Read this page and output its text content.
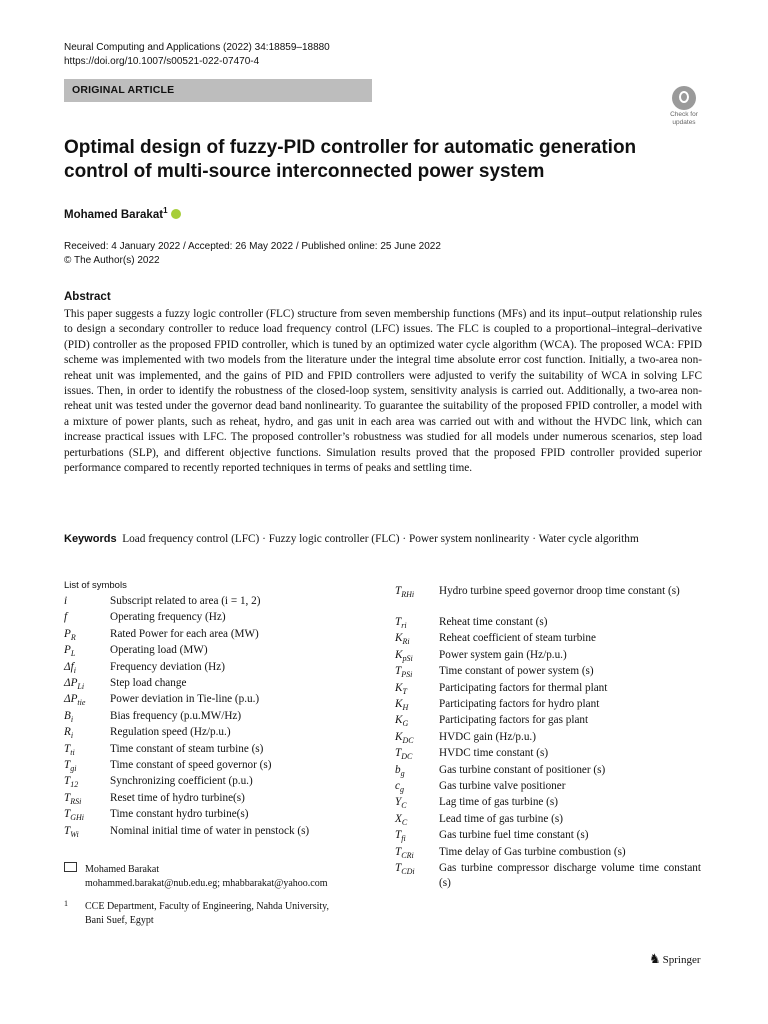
Neural Computing and Applications (2022) 34:18859–18880
https://doi.org/10.1007/s00521-022-07470-4
ORIGINAL ARTICLE
Check for
updates
Optimal design of fuzzy-PID controller for automatic generation control of multi-source interconnected power system
Mohamed Barakat$^1$
Received: 4 January 2022 / Accepted: 26 May 2022 / Published online: 25 June 2022
© The Author(s) 2022
Abstract
This paper suggests a fuzzy logic controller (FLC) structure from seven membership functions (MFs) and its input–output relationship rules to design a secondary controller to reduce load frequency control (LFC) issues. The FLC is coupled to a proportional–integral–derivative (PID) controller as the proposed FPID controller, which is tuned by an optimized water cycle algorithm (WCA). The proposed WCA: FPID scheme was implemented with two models from the literature under the integral time absolute error cost function. Initially, a two-area non-reheat unit was implemented, and the gains of PID and FPID controllers were adjusted to verify the suitability of WCA in solving LFC issues. Then, in order to identify the robustness of the closed-loop system, sensitivity analysis is carried out. Additionally, a two-area non-reheat unit was tested under the governor dead band nonlinearity. To guarantee the suitability of the proposed FPID controller, a model with a mixture of power plants, such as reheat, hydro, and gas unit in each area was carried out with and without the HVDC link, which can increase practical issues with LFC. The proposed controller’s robustness was studied for all models under numerous scenarios, step load perturbations (SLP), and different objective functions. Simulation results proved that the proposed FPID controller provided superior performance compared to recently reported techniques in terms of peaks and settling time.
Keywords Load frequency control (LFC) · Fuzzy logic controller (FLC) · Power system nonlinearity · Water cycle algorithm
List of symbols
Mohamed Barakat
mohammed.barakat@nub.edu.eg; mhabbarakat@yahoo.com
1 CCE Department, Faculty of Engineering, Nahda University,
Bani Suef, Egypt
♞ Springer
i	Subscript related to area (i = 1, 2)
f	Operating frequency (Hz)
$P_R$	Rated Power for each area (MW)
$P_L$	Operating load (MW)
$\Delta f_i$	Frequency deviation (Hz)
$\Delta P_{Li}$ Step load change
$\Delta P_{tie}$ Power deviation in Tie-line (p.u.)
$B_i$	Bias frequency (p.u.MW/Hz)
$R_i$	Regulation speed (Hz/p.u.)
$T_{ti}$	Time constant of steam turbine (s)
$T_{gi}$	Time constant of speed governor (s)
$T_{12}$	Synchronizing coefficient (p.u.)
$T_{RSi}$	Reset time of hydro turbine(s)
$T_{GHi}$ Time constant hydro turbine(s)
$T_{Wi}$	Nominal initial time of water in penstock (s)
$T_{RHi}$ Hydro turbine speed governor droop time constant (s)
$T_{ri}$	Reheat time constant (s)
$K_{Ri}$	Reheat coefficient of steam turbine
$K_{pSi}$ Power system gain (Hz/p.u.)
$T_{PSi}$ Time constant of power system (s)
$K_T$	Participating factors for thermal plant
$K_H$	Participating factors for hydro plant
$K_G$	Participating factors for gas plant
$K_{DC}$ HVDC gain (Hz/p.u.)
$T_{DC}$ HVDC time constant (s)
$b_g$	Gas turbine constant of positioner (s)
$c_g$	Gas turbine valve positioner
$Y_C$	Lag time of gas turbine (s)
$X_C$	Lead time of gas turbine (s)
$T_{fi}$	Gas turbine fuel time constant (s)
$T_{CRi}$ Time delay of Gas turbine combustion (s)
$T_{CDi}$ Gas turbine compressor discharge volume time constant (s)
